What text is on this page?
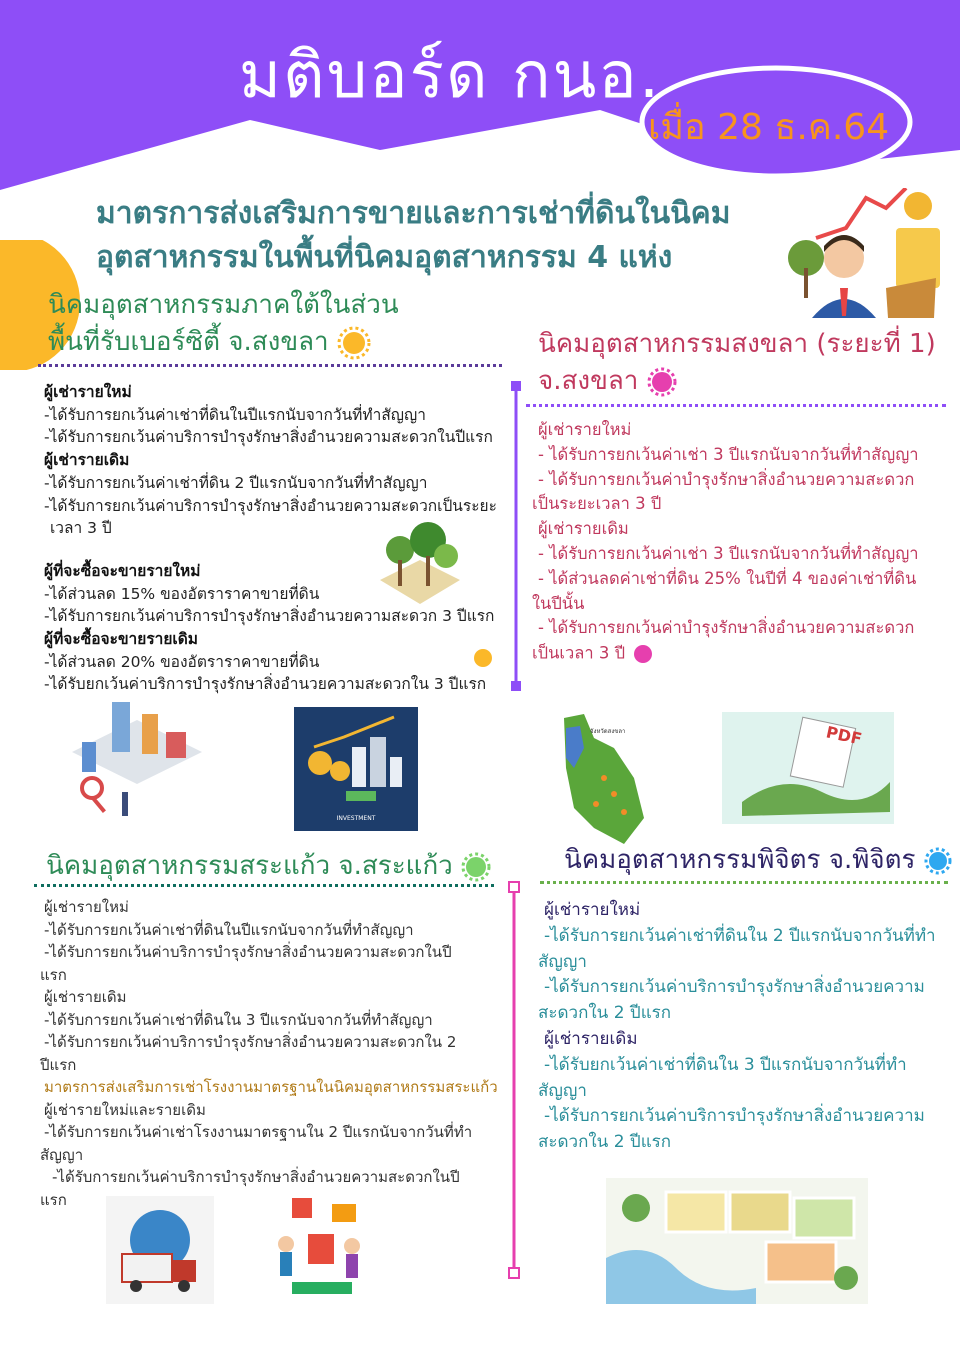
มติบอร์ด กนอ.
เมื่อ 28 ธ.ค.64
มาตรการส่งเสริมการขายและการเช่าที่ดินในนิคม
อุตสาหกรรมในพื้นที่นิคมอุตสาหกรรม 4 แห่ง
นิคมอุตสาหกรรมภาคใต้ในส่วน
พื้นที่รับเบอร์ซิตี้ จ.สงขลา
ผู้เช่ารายใหม่
-ได้รับการยกเว้นค่าเช่าที่ดินในปีแรกนับจากวันที่ทำสัญญา
-ได้รับการยกเว้นค่าบริการบำรุงรักษาสิ่งอำนวยความสะดวกในปีแรก
ผู้เช่ารายเดิม
-ได้รับการยกเว้นค่าเช่าที่ดิน 2 ปีแรกนับจากวันที่ทำสัญญา
-ได้รับการยกเว้นค่าบริการบำรุงรักษาสิ่งอำนวยความสะดวกเป็นระยะ
เวลา 3 ปี
ผู้ที่จะซื้อจะขายรายใหม่
-ได้ส่วนลด 15% ของอัตราราคาขายที่ดิน
-ได้รับการยกเว้นค่าบริการบำรุงรักษาสิ่งอำนวยความสะดวก 3 ปีแรก
ผู้ที่จะซื้อจะขายรายเดิม
-ได้ส่วนลด 20% ของอัตราราคาขายที่ดิน
-ได้รับยกเว้นค่าบริการบำรุงรักษาสิ่งอำนวยความสะดวกใน 3 ปีแรก
นิคมอุตสาหกรรมสงขลา (ระยะที่ 1)
จ.สงขลา
ผู้เช่ารายใหม่
- ได้รับการยกเว้นค่าเช่า 3 ปีแรกนับจากวันที่ทำสัญญา
- ได้รับการยกเว้นค่าบำรุงรักษาสิ่งอำนวยความสะดวก
เป็นระยะเวลา 3 ปี
ผู้เช่ารายเดิม
- ได้รับการยกเว้นค่าเช่า 3 ปีแรกนับจากวันที่ทำสัญญา
- ได้ส่วนลดค่าเช่าที่ดิน 25% ในปีที่ 4 ของค่าเช่าที่ดิน
ในปีนั้น
- ได้รับการยกเว้นค่าบำรุงรักษาสิ่งอำนวยความสะดวก
เป็นเวลา 3 ปี
INVESTMENT
จังหวัดสงขลา	PDF
นิคมอุตสาหกรรมสระแก้ว จ.สระแก้ว
ผู้เช่ารายใหม่
-ได้รับการยกเว้นค่าเช่าที่ดินในปีแรกนับจากวันที่ทำสัญญา
-ได้รับการยกเว้นค่าบริการบำรุงรักษาสิ่งอำนวยความสะดวกในปี
แรก
ผู้เช่ารายเดิม
-ได้รับการยกเว้นค่าเช่าที่ดินใน 3 ปีแรกนับจากวันที่ทำสัญญา
-ได้รับการยกเว้นค่าบริการบำรุงรักษาสิ่งอำนวยความสะดวกใน 2
ปีแรก
มาตรการส่งเสริมการเช่าโรงงานมาตรฐานในนิคมอุตสาหกรรมสระแก้ว
ผู้เช่ารายใหม่และรายเดิม
-ได้รับการยกเว้นค่าเช่าโรงงานมาตรฐานใน 2 ปีแรกนับจากวันที่ทำ
สัญญา
-ได้รับการยกเว้นค่าบริการบำรุงรักษาสิ่งอำนวยความสะดวกในปี
แรก
นิคมอุตสาหกรรมพิจิตร จ.พิจิตร
ผู้เช่ารายใหม่
-ได้รับการยกเว้นค่าเช่าที่ดินใน 2 ปีแรกนับจากวันที่ทำ
สัญญา
-ได้รับการยกเว้นค่าบริการบำรุงรักษาสิ่งอำนวยความ
สะดวกใน 2 ปีแรก
ผู้เช่ารายเดิม
-ได้รับยกเว้นค่าเช่าที่ดินใน 3 ปีแรกนับจากวันที่ทำ
สัญญา
-ได้รับการยกเว้นค่าบริการบำรุงรักษาสิ่งอำนวยความ
สะดวกใน 2 ปีแรก
